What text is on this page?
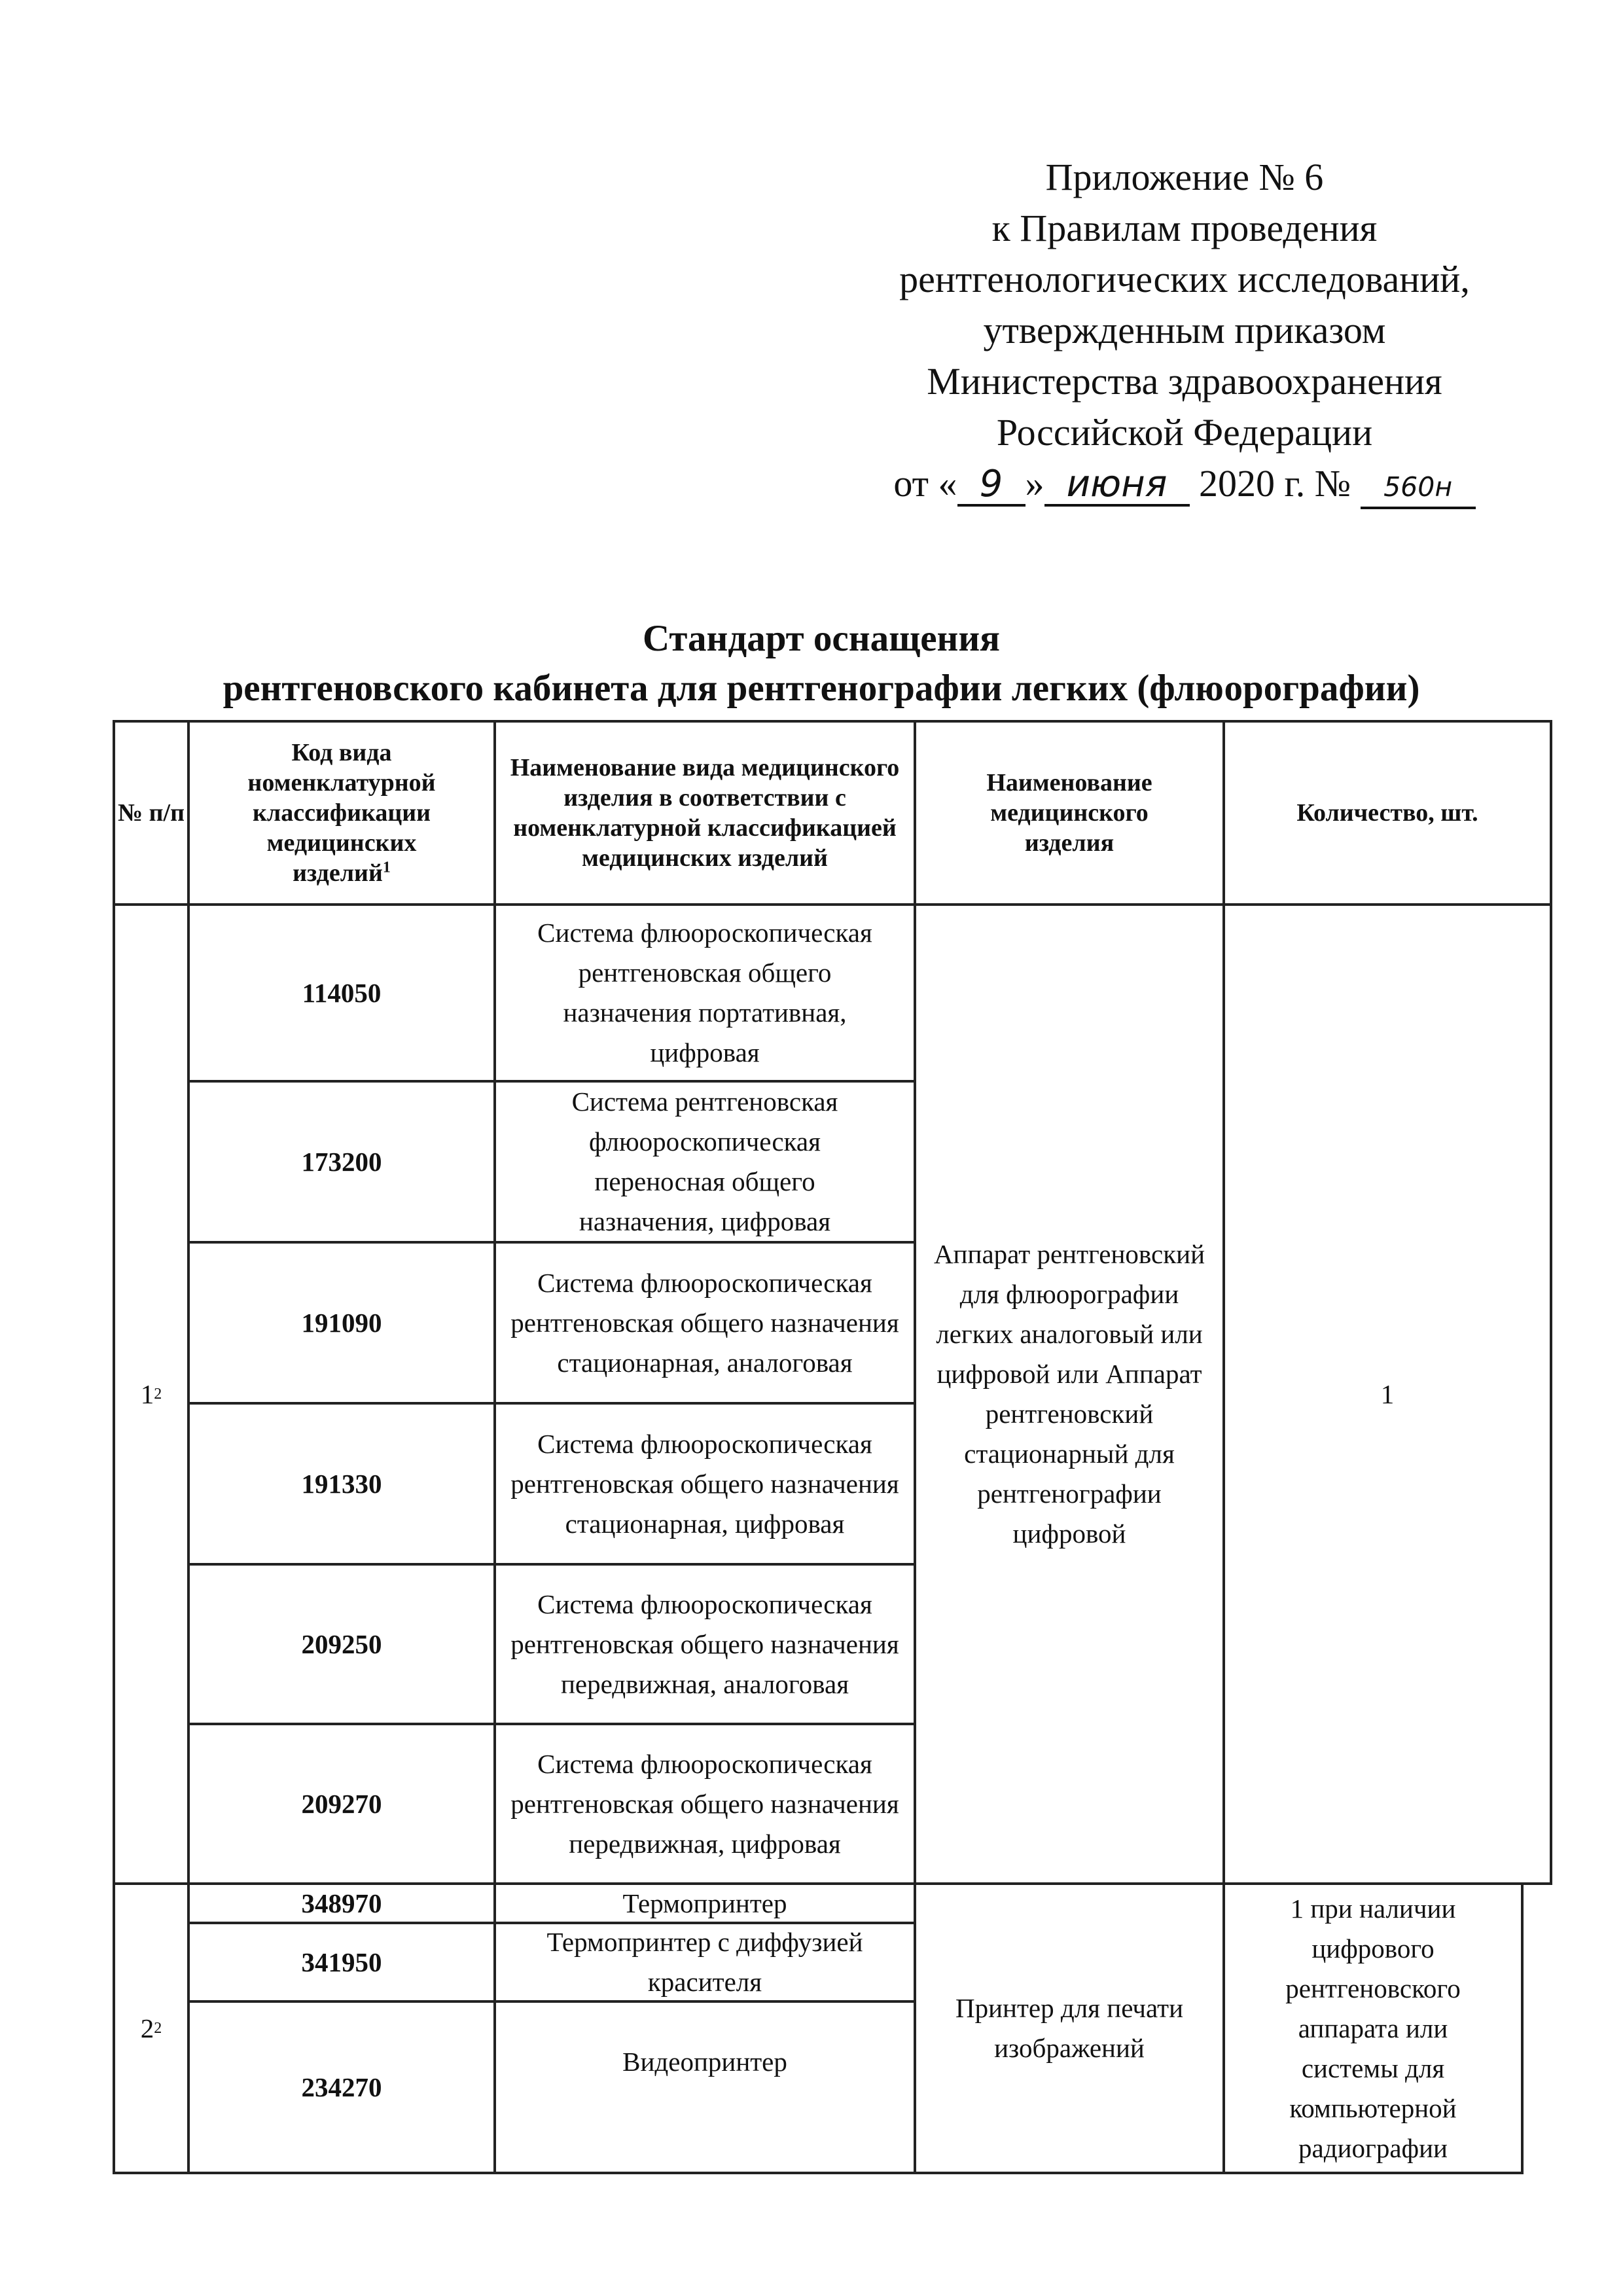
Приложение № 6
к Правилам проведения
рентгенологических исследований,
утвержденным приказом
Министерства здравоохранения
Российской Федерации
от « 9 » июня 2020 г. № 560н
Стандарт оснащения
рентгеновского кабинета для рентгенографии легких (флюорографии)
№ п/п
Код вида номенклатурной классификации медицинских изделий$^1$
Наименование вида медицинского изделия в соответствии с номенклатурной классификацией медицинских изделий
Наименование медицинского изделия
Количество, шт.
1 2
114050
Система флюороскопическая рентгеновская общего назначения портативная, цифровая
173200
Система рентгеновская флюороскопическая переносная общего назначения, цифровая
191090
Система флюороскопическая рентгеновская общего назначения стационарная, аналоговая
191330
Система флюороскопическая рентгеновская общего назначения стационарная, цифровая
209250
Система флюороскопическая рентгеновская общего назначения передвижная, аналоговая
209270
Система флюороскопическая рентгеновская общего назначения передвижная, цифровая
Аппарат рентгеновский для флюорографии легких аналоговый или цифровой или Аппарат рентгеновский стационарный для рентгенографии цифровой
1
2 2
348970	Термопринтер
341950
Термопринтер с диффузией красителя
234270
Видеопринтер
Принтер для печати изображений
1 при наличии цифрового рентгеновского аппарата или системы для компьютерной радиографии
